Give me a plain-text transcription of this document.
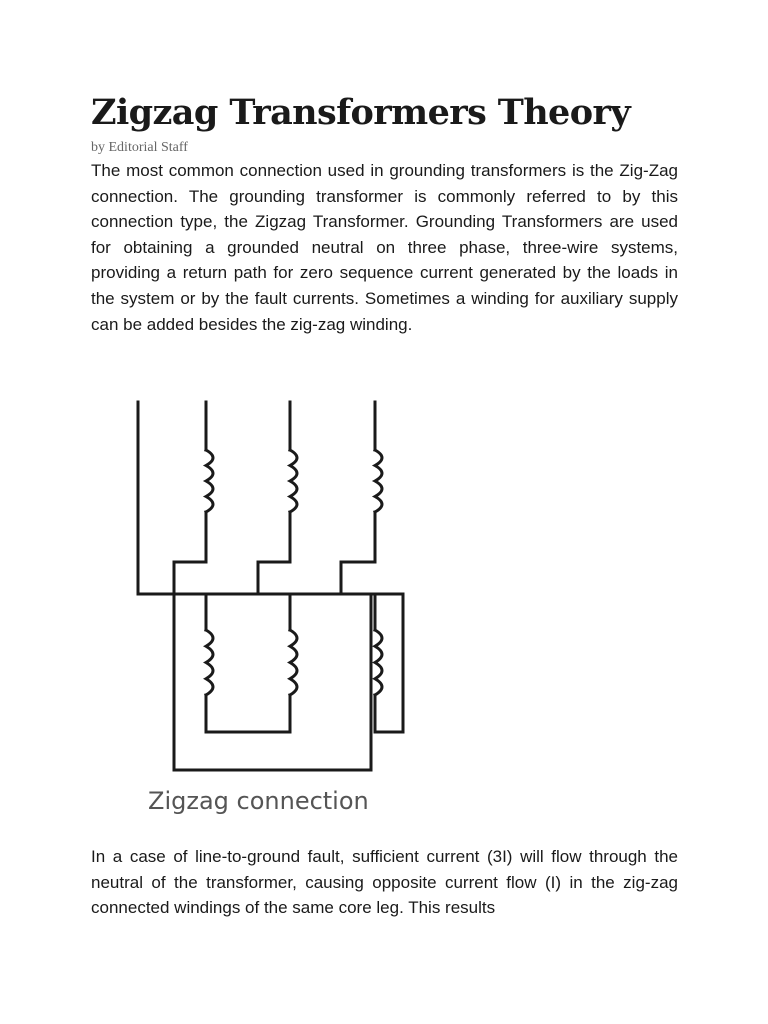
Zigzag Transformers Theory
by Editorial Staff

The most common connection used in grounding transformers is the Zig-Zag connection. The grounding transformer is commonly referred to by this connection type, the Zigzag Transformer. Grounding Transformers are used for obtaining a grounded neutral on three phase, three-wire systems, providing a return path for zero sequence current generated by the loads in the system or by the fault currents. Sometimes a winding for auxiliary supply can be added besides the zig-zag winding.

Zigzag connection

In a case of line-to-ground fault, sufficient current (3I) will flow through the neutral of the transformer, causing opposite current flow (I) in the zig-zag connected windings of the same core leg. This results
